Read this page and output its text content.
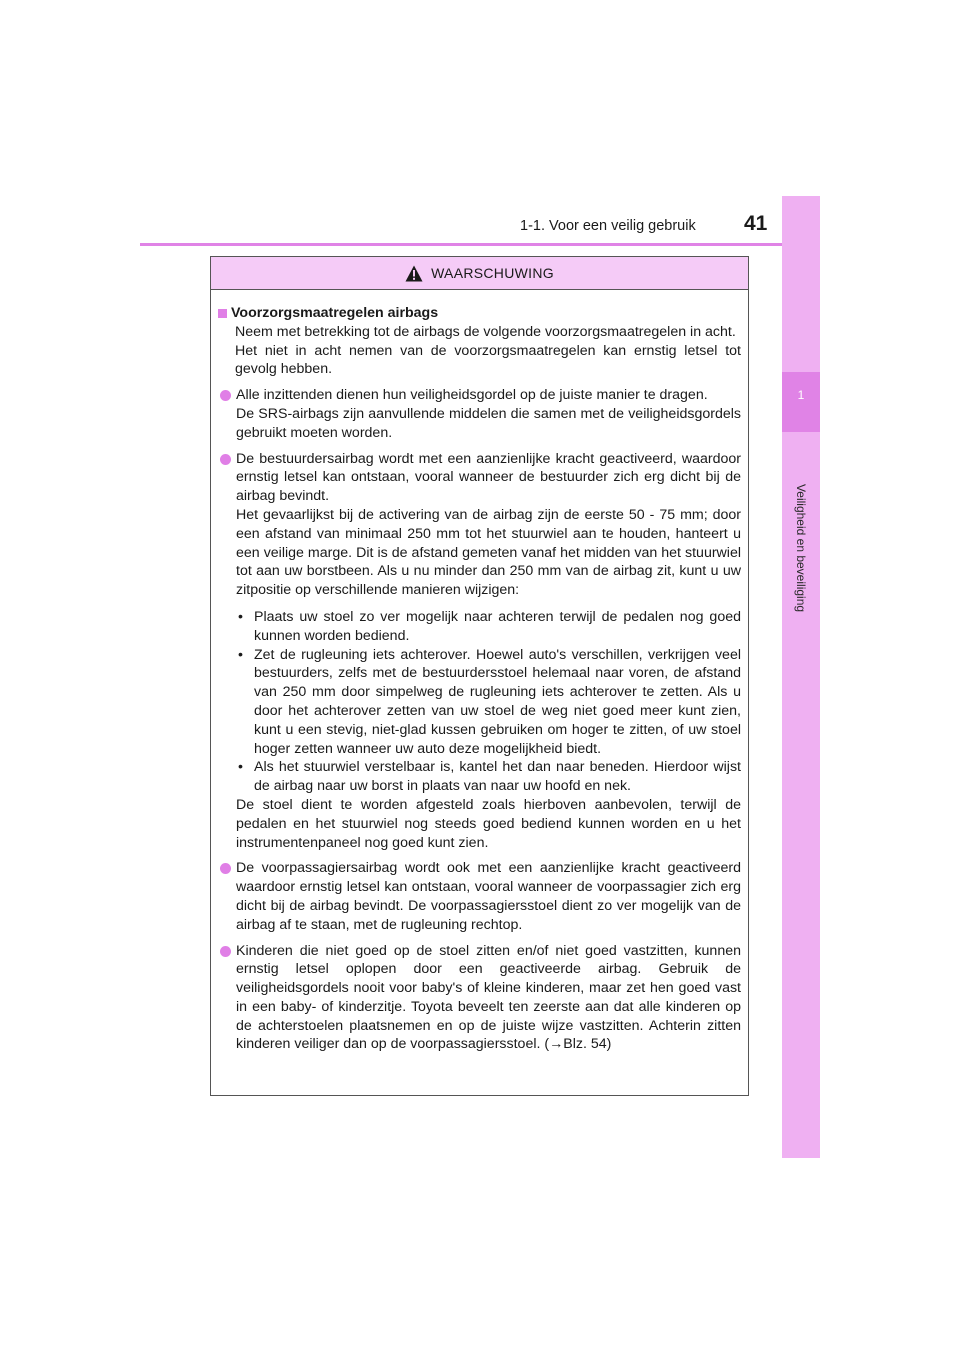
1-1. Voor een veilig gebruik 41
1
Veiligheid en beveiliging
WAARSCHUWING
Voorzorgsmaatregelen airbags

Neem met betrekking tot de airbags de volgende voorzorgsmaatregelen in acht.

Het niet in acht nemen van de voorzorgsmaatregelen kan ernstig letsel tot gevolg hebben.

Alle inzittenden dienen hun veiligheidsgordel op de juiste manier te dragen.

De SRS-airbags zijn aanvullende middelen die samen met de veiligheidsgordels gebruikt moeten worden.

De bestuurdersairbag wordt met een aanzienlijke kracht geactiveerd, waardoor ernstig letsel kan ontstaan, vooral wanneer de bestuurder zich erg dicht bij de airbag bevindt.

Het gevaarlijkst bij de activering van de airbag zijn de eerste 50 - 75 mm; door een afstand van minimaal 250 mm tot het stuurwiel aan te houden, hanteert u een veilige marge. Dit is de afstand gemeten vanaf het midden van het stuurwiel tot aan uw borstbeen. Als u nu minder dan 250 mm van de airbag zit, kunt u uw zitpositie op verschillende manieren wijzigen:

• Plaats uw stoel zo ver mogelijk naar achteren terwijl de pedalen nog goed kunnen worden bediend.
• Zet de rugleuning iets achterover. Hoewel auto's verschillen, verkrijgen veel bestuurders, zelfs met de bestuurdersstoel helemaal naar voren, de afstand van 250 mm door simpelweg de rugleuning iets achterover te zetten. Als u door het achterover zetten van uw stoel de weg niet goed meer kunt zien, kunt u een stevig, niet-glad kussen gebruiken om hoger te zitten, of uw stoel hoger zetten wanneer uw auto deze mogelijkheid biedt.
• Als het stuurwiel verstelbaar is, kantel het dan naar beneden. Hierdoor wijst de airbag naar uw borst in plaats van naar uw hoofd en nek.

De stoel dient te worden afgesteld zoals hierboven aanbevolen, terwijl de pedalen en het stuurwiel nog steeds goed bediend kunnen worden en u het instrumentenpaneel nog goed kunt zien.

De voorpassagiersairbag wordt ook met een aanzienlijke kracht geactiveerd waardoor ernstig letsel kan ontstaan, vooral wanneer de voorpassagier zich erg dicht bij de airbag bevindt. De voorpassagiersstoel dient zo ver mogelijk van de airbag af te staan, met de rugleuning rechtop.

Kinderen die niet goed op de stoel zitten en/of niet goed vastzitten, kunnen ernstig letsel oplopen door een geactiveerde airbag. Gebruik de veiligheidsgordels nooit voor baby's of kleine kinderen, maar zet hen goed vast in een baby- of kinderzitje. Toyota beveelt ten zeerste aan dat alle kinderen op de achterstoelen plaatsnemen en op de juiste wijze vastzitten. Achterin zitten kinderen veiliger dan op de voorpassagiersstoel. (→Blz. 54)
